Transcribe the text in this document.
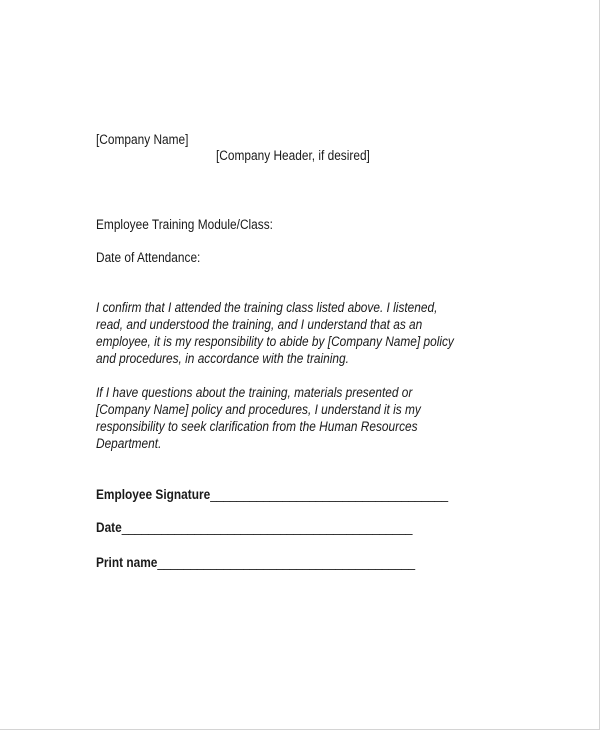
[Company Name]
[Company Header, if desired]
Employee Training Module/Class:
Date of Attendance:
I confirm that I attended the training class listed above. I listened,
read, and understood the training, and I understand that as an
employee, it is my responsibility to abide by [Company Name] policy
and procedures, in accordance with the training.
If I have questions about the training, materials presented or
[Company Name] policy and procedures, I understand it is my
responsibility to seek clarification from the Human Resources
Department.
Employee Signature____________________________________
Date____________________________________________
Print name_______________________________________
